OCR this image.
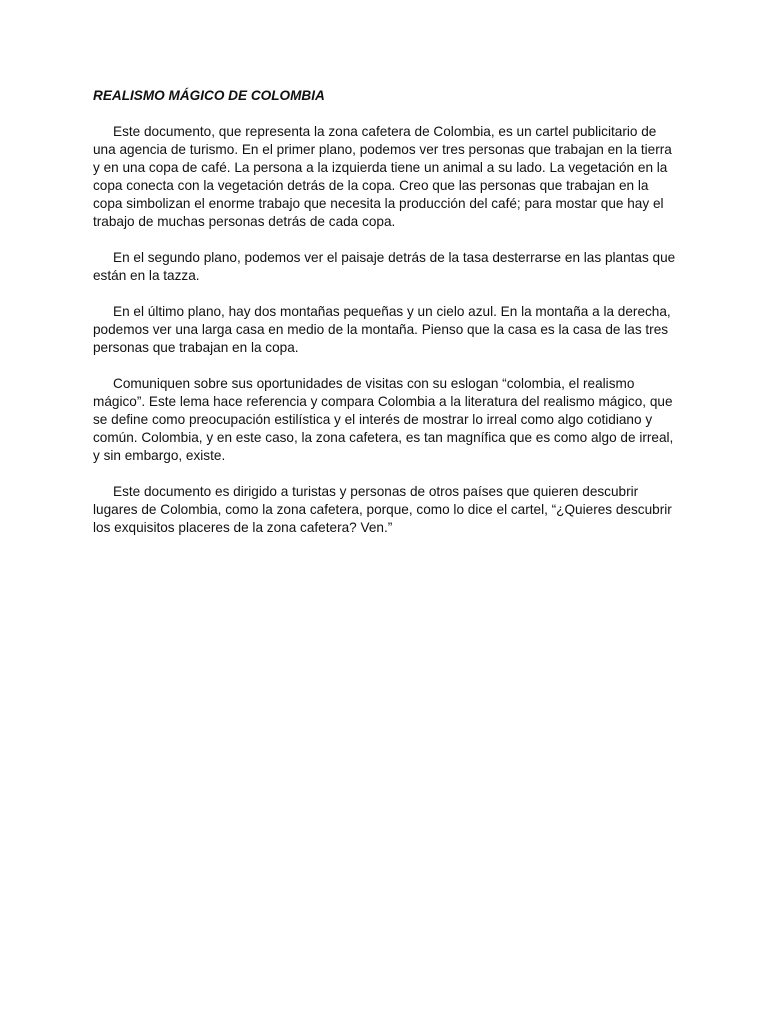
REALISMO MÁGICO DE COLOMBIA

Este documento, que representa la zona cafetera de Colombia, es un cartel publicitario de una agencia de turismo. En el primer plano, podemos ver tres personas que trabajan en la tierra y en una copa de café. La persona a la izquierda tiene un animal a su lado. La vegetación en la copa conecta con la vegetación detrás de la copa. Creo que las personas que trabajan en la copa simbolizan el enorme trabajo que necesita la producción del café; para mostar que hay el trabajo de muchas personas detrás de cada copa.

En el segundo plano, podemos ver el paisaje detrás de la tasa desterrarse en las plantas que están en la tazza.

En el último plano, hay dos montañas pequeñas y un cielo azul. En la montaña a la derecha, podemos ver una larga casa en medio de la montaña. Pienso que la casa es la casa de las tres personas que trabajan en la copa.

Comuniquen sobre sus oportunidades de visitas con su eslogan “colombia, el realismo mágico”. Este lema hace referencia y compara Colombia a la literatura del realismo mágico, que se define como preocupación estilística y el interés de mostrar lo irreal como algo cotidiano y común. Colombia, y en este caso, la zona cafetera, es tan magnífica que es como algo de irreal, y sin embargo, existe.

Este documento es dirigido a turistas y personas de otros países que quieren descubrir lugares de Colombia, como la zona cafetera, porque, como lo dice el cartel, “¿Quieres descubrir los exquisitos placeres de la zona cafetera? Ven.”
